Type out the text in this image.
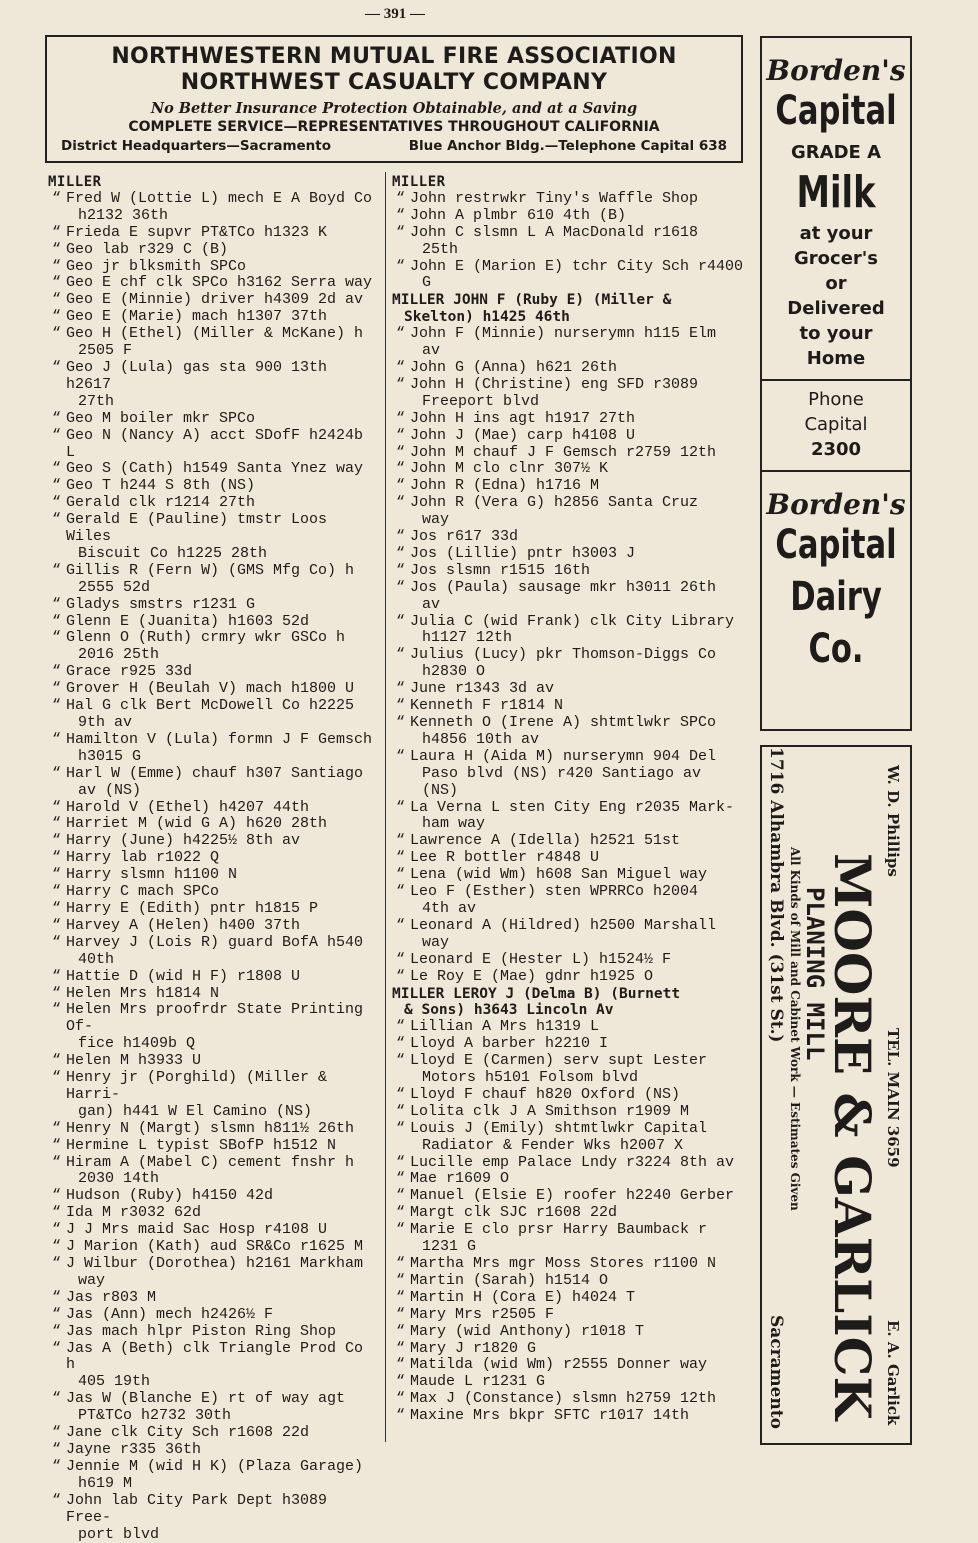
— 391 —
NORTHWESTERN MUTUAL FIRE ASSOCIATION
NORTHWEST CASUALTY COMPANY
No Better Insurance Protection Obtainable, and at a Saving
COMPLETE SERVICE—REPRESENTATIVES THROUGHOUT CALIFORNIA
District Headquarters—Sacramento	Blue Anchor Bldg.—Telephone Capital 638
MILLER
“ Fred W (Lottie L) mech E A Boyd Co
h2132 36th
“ Frieda E supvr PT&TCo h1323 K
“ Geo lab r329 C (B)
“ Geo jr blksmith SPCo
“ Geo E chf clk SPCo h3162 Serra way
“ Geo E (Minnie) driver h4309 2d av
“ Geo E (Marie) mach h1307 37th
“ Geo H (Ethel) (Miller & McKane) h
2505 F
“ Geo J (Lula) gas sta 900 13th h2617
27th
“ Geo M boiler mkr SPCo
“ Geo N (Nancy A) acct SDofF h2424b L
“ Geo S (Cath) h1549 Santa Ynez way
“ Geo T h244 S 8th (NS)
“ Gerald clk r1214 27th
“ Gerald E (Pauline) tmstr Loos Wiles
Biscuit Co h1225 28th
“ Gillis R (Fern W) (GMS Mfg Co) h
2555 52d
“ Gladys smstrs r1231 G
“ Glenn E (Juanita) h1603 52d
“ Glenn O (Ruth) crmry wkr GSCo h
2016 25th
“ Grace r925 33d
“ Grover H (Beulah V) mach h1800 U
“ Hal G clk Bert McDowell Co h2225
9th av
“ Hamilton V (Lula) formn J F Gemsch
h3015 G
“ Harl W (Emme) chauf h307 Santiago
av (NS)
“ Harold V (Ethel) h4207 44th
“ Harriet M (wid G A) h620 28th
“ Harry (June) h4225½ 8th av
“ Harry lab r1022 Q
“ Harry slsmn h1100 N
“ Harry C mach SPCo
“ Harry E (Edith) pntr h1815 P
“ Harvey A (Helen) h400 37th
“ Harvey J (Lois R) guard BofA h540
40th
“ Hattie D (wid H F) r1808 U
“ Helen Mrs h1814 N
“ Helen Mrs proofrdr State Printing Of-
fice h1409b Q
“ Helen M h3933 U
“ Henry jr (Porghild) (Miller & Harri-
gan) h441 W El Camino (NS)
“ Henry N (Margt) slsmn h811½ 26th
“ Hermine L typist SBofP h1512 N
“ Hiram A (Mabel C) cement fnshr h
2030 14th
“ Hudson (Ruby) h4150 42d
“ Ida M r3032 62d
“ J J Mrs maid Sac Hosp r4108 U
“ J Marion (Kath) aud SR&Co r1625 M
“ J Wilbur (Dorothea) h2161 Markham
way
“ Jas r803 M
“ Jas (Ann) mech h2426½ F
“ Jas mach hlpr Piston Ring Shop
“ Jas A (Beth) clk Triangle Prod Co h
405 19th
“ Jas W (Blanche E) rt of way agt
PT&TCo h2732 30th
“ Jane clk City Sch r1608 22d
“ Jayne r335 36th
“ Jennie M (wid H K) (Plaza Garage)
h619 M
“ John lab City Park Dept h3089 Free-
port blvd
MILLER
“ John restrwkr Tiny's Waffle Shop
“ John A plmbr 610 4th (B)
“ John C slsmn L A MacDonald r1618
25th
“ John E (Marion E) tchr City Sch r4400
G
MILLER JOHN F (Ruby E) (Miller &
Skelton) h1425 46th
“ John F (Minnie) nurserymn h115 Elm
av
“ John G (Anna) h621 26th
“ John H (Christine) eng SFD r3089
Freeport blvd
“ John H ins agt h1917 27th
“ John J (Mae) carp h4108 U
“ John M chauf J F Gemsch r2759 12th
“ John M clo clnr 307½ K
“ John R (Edna) h1716 M
“ John R (Vera G) h2856 Santa Cruz
way
“ Jos r617 33d
“ Jos (Lillie) pntr h3003 J
“ Jos slsmn r1515 16th
“ Jos (Paula) sausage mkr h3011 26th
av
“ Julia C (wid Frank) clk City Library
h1127 12th
“ Julius (Lucy) pkr Thomson-Diggs Co
h2830 O
“ June r1343 3d av
“ Kenneth F r1814 N
“ Kenneth O (Irene A) shtmtlwkr SPCo
h4856 10th av
“ Laura H (Aida M) nurserymn 904 Del
Paso blvd (NS) r420 Santiago av
(NS)
“ La Verna L sten City Eng r2035 Mark-
ham way
“ Lawrence A (Idella) h2521 51st
“ Lee R bottler r4848 U
“ Lena (wid Wm) h608 San Miguel way
“ Leo F (Esther) sten WPRRCo h2004
4th av
“ Leonard A (Hildred) h2500 Marshall
way
“ Leonard E (Hester L) h1524½ F
“ Le Roy E (Mae) gdnr h1925 O
MILLER LEROY J (Delma B) (Burnett
& Sons) h3643 Lincoln Av
“ Lillian A Mrs h1319 L
“ Lloyd A barber h2210 I
“ Lloyd E (Carmen) serv supt Lester
Motors h5101 Folsom blvd
“ Lloyd F chauf h820 Oxford (NS)
“ Lolita clk J A Smithson r1909 M
“ Louis J (Emily) shtmtlwkr Capital
Radiator & Fender Wks h2007 X
“ Lucille emp Palace Lndy r3224 8th av
“ Mae r1609 O
“ Manuel (Elsie E) roofer h2240 Gerber
“ Margt clk SJC r1608 22d
“ Marie E clo prsr Harry Baumback r
1231 G
“ Martha Mrs mgr Moss Stores r1100 N
“ Martin (Sarah) h1514 O
“ Martin H (Cora E) h4024 T
“ Mary Mrs r2505 F
“ Mary (wid Anthony) r1018 T
“ Mary J r1820 G
“ Matilda (wid Wm) r2555 Donner way
“ Maude L r1231 G
“ Max J (Constance) slsmn h2759 12th
“ Maxine Mrs bkpr SFTC r1017 14th
Borden's
Capital
GRADE A
Milk
at your
Grocer's
or
Delivered
to your
Home
Phone
Capital
2300
Borden's
Capital
Dairy
Co.
W. D. Phillips
TEL. MAIN 3659
E. A. Garlick
MOORE & GARLICK
PLANING MILL
All Kinds of Mill and Cabinet Work — Estimates Given
1716 Alhambra Blvd. (31st St.)
Sacramento
